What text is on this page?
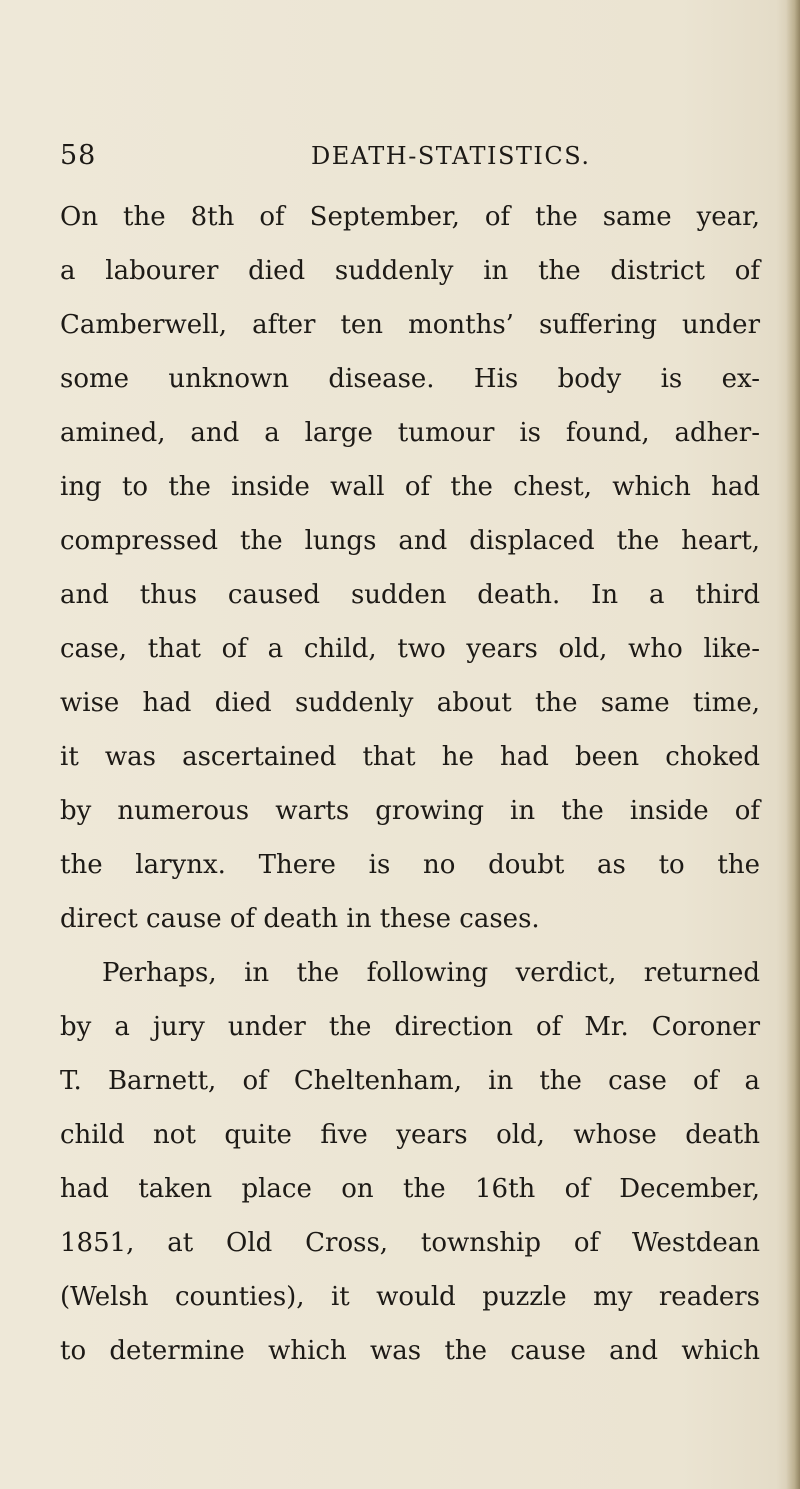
58	DEATH-STATISTICS.
On the 8th of September, of the same year,
a labourer died suddenly in the district of
Camberwell, after ten months’ suffering under
some unknown disease. His body is ex-
amined, and a large tumour is found, adher-
ing to the inside wall of the chest, which had
compressed the lungs and displaced the heart,
and thus caused sudden death. In a third
case, that of a child, two years old, who like-
wise had died suddenly about the same time,
it was ascertained that he had been choked
by numerous warts growing in the inside of
the larynx. There is no doubt as to the
direct cause of death in these cases.
Perhaps, in the following verdict, returned
by a jury under the direction of Mr. Coroner
T. Barnett, of Cheltenham, in the case of a
child not quite five years old, whose death
had taken place on the 16th of December,
1851, at Old Cross, township of Westdean
(Welsh counties), it would puzzle my readers
to determine which was the cause and which
